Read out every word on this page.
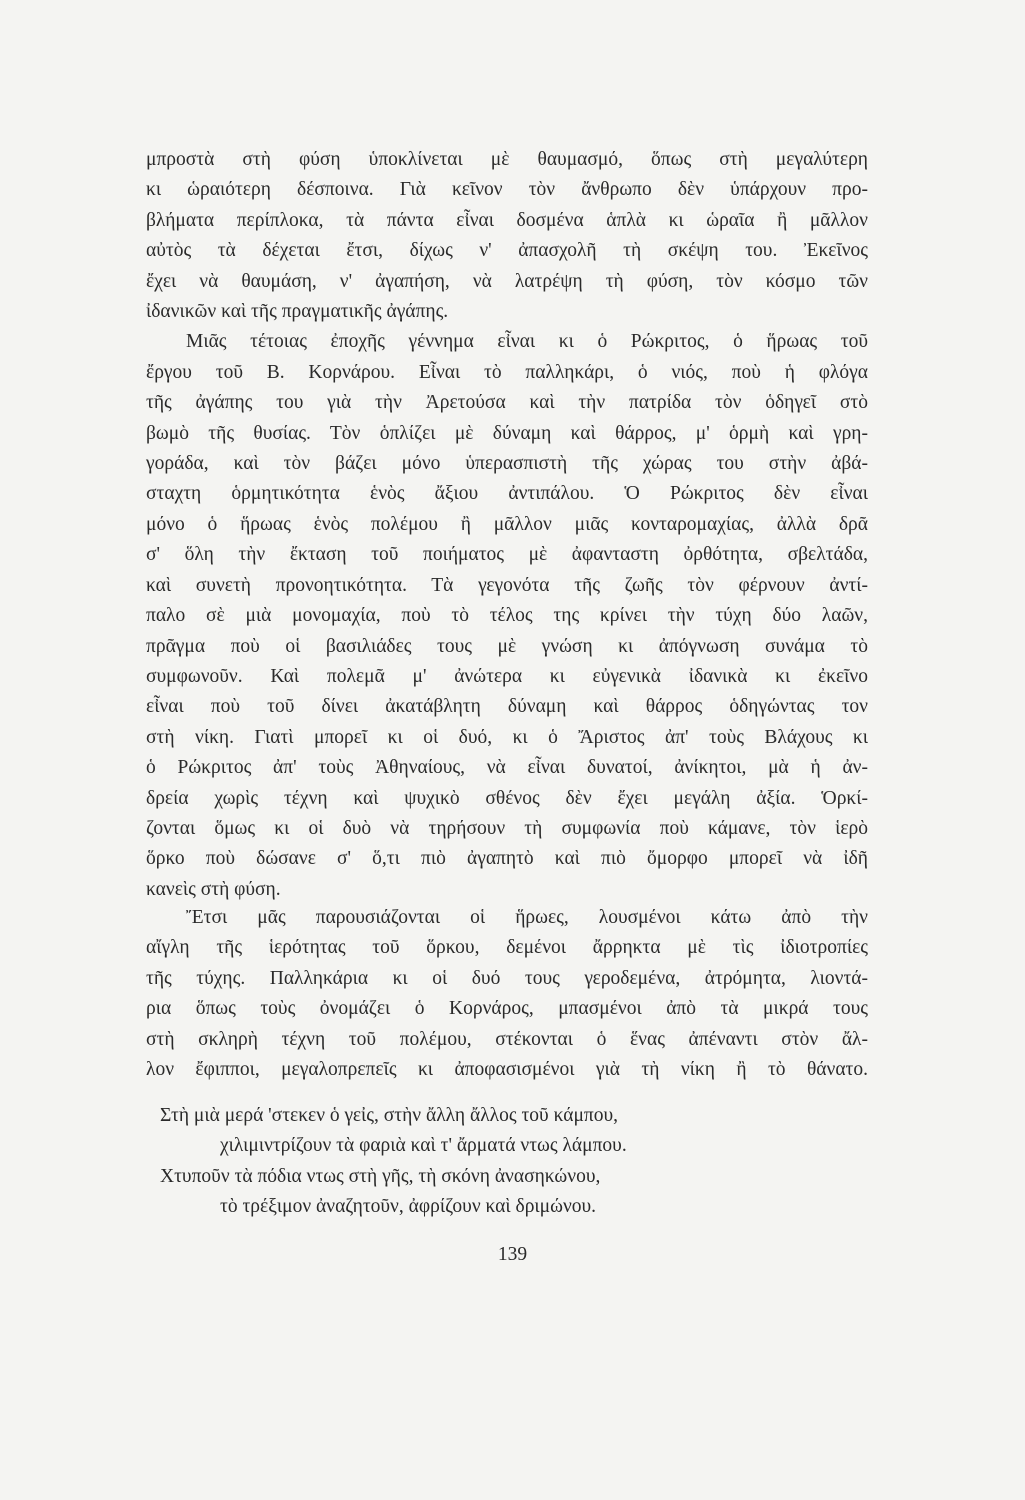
μπροστὰ στὴ φύση ὑποκλίνεται μὲ θαυμασμό, ὅπως στὴ μεγαλύτερη
κι ὡραιότερη δέσποινα. Γιὰ κεῖνον τὸν ἄνθρωπο δὲν ὑπάρχουν προ-
βλήματα περίπλοκα, τὰ πάντα εἶναι δοσμένα ἁπλὰ κι ὡραῖα ἢ μᾶλλον
αὐτὸς τὰ δέχεται ἔτσι, δίχως ν' ἀπασχολῆ τὴ σκέψη του. Ἐκεῖνος
ἔχει νὰ θαυμάση, ν' ἀγαπήση, νὰ λατρέψη τὴ φύση, τὸν κόσμο τῶν
ἰδανικῶν καὶ τῆς πραγματικῆς ἀγάπης.
Μιᾶς τέτοιας ἐποχῆς γέννημα εἶναι κι ὁ Ρώκριτος, ὁ ἥρωας τοῦ
ἔργου τοῦ Β. Κορνάρου. Εἶναι τὸ παλληκάρι, ὁ νιός, ποὺ ἡ φλόγα
τῆς ἀγάπης του γιὰ τὴν Ἀρετούσα καὶ τὴν πατρίδα τὸν ὁδηγεῖ στὸ
βωμὸ τῆς θυσίας. Τὸν ὁπλίζει μὲ δύναμη καὶ θάρρος, μ' ὁρμὴ καὶ γρη-
γοράδα, καὶ τὸν βάζει μόνο ὑπερασπιστὴ τῆς χώρας του στὴν ἀβά-
σταχτη ὁρμητικότητα ἑνὸς ἄξιου ἀντιπάλου. Ὁ Ρώκριτος δὲν εἶναι
μόνο ὁ ἥρωας ἑνὸς πολέμου ἢ μᾶλλον μιᾶς κονταρομαχίας, ἀλλὰ δρᾶ
σ' ὅλη τὴν ἔκταση τοῦ ποιήματος μὲ ἀφανταστη ὀρθότητα, σβελτάδα,
καὶ συνετὴ προνοητικότητα. Τὰ γεγονότα τῆς ζωῆς τὸν φέρνουν ἀντί-
παλο σὲ μιὰ μονομαχία, ποὺ τὸ τέλος της κρίνει τὴν τύχη δύο λαῶν,
πρᾶγμα ποὺ οἱ βασιλιάδες τους μὲ γνώση κι ἀπόγνωση συνάμα τὸ
συμφωνοῦν. Καὶ πολεμᾶ μ' ἀνώτερα κι εὐγενικὰ ἰδανικὰ κι ἐκεῖνο
εἶναι ποὺ τοῦ δίνει ἀκατάβλητη δύναμη καὶ θάρρος ὁδηγώντας τον
στὴ νίκη. Γιατὶ μπορεῖ κι οἱ δυό, κι ὁ Ἄριστος ἀπ' τοὺς Βλάχους κι
ὁ Ρώκριτος ἀπ' τοὺς Ἀθηναίους, νὰ εἶναι δυνατοί, ἀνίκητοι, μὰ ἡ ἀν-
δρεία χωρὶς τέχνη καὶ ψυχικὸ σθένος δὲν ἔχει μεγάλη ἀξία. Ὁρκί-
ζονται ὅμως κι οἱ δυὸ νὰ τηρήσουν τὴ συμφωνία ποὺ κάμανε, τὸν ἱερὸ
ὅρκο ποὺ δώσανε σ' ὅ,τι πιὸ ἀγαπητὸ καὶ πιὸ ὄμορφο μπορεῖ νὰ ἰδῆ
κανεὶς στὴ φύση.
Ἔτσι μᾶς παρουσιάζονται οἱ ἥρωες, λουσμένοι κάτω ἀπὸ τὴν
αἴγλη τῆς ἱερότητας τοῦ ὅρκου, δεμένοι ἄρρηκτα μὲ τὶς ἰδιοτροπίες
τῆς τύχης. Παλληκάρια κι οἱ δυό τους γεροδεμένα, ἀτρόμητα, λιοντά-
ρια ὅπως τοὺς ὀνομάζει ὁ Κορνάρος, μπασμένοι ἀπὸ τὰ μικρά τους
στὴ σκληρὴ τέχνη τοῦ πολέμου, στέκονται ὁ ἕνας ἀπέναντι στὸν ἄλ-
λον ἔφιπποι, μεγαλοπρεπεῖς κι ἀποφασισμένοι γιὰ τὴ νίκη ἢ τὸ θάνατο.
Στὴ μιὰ μερά 'στεκεν ὁ γεἰς, στὴν ἄλλη ἄλλος τοῦ κάμπου,
χιλιμιντρίζουν τὰ φαριὰ καὶ τ' ἄρματά ντως λάμπου.
Χτυποῦν τὰ πόδια ντως στὴ γῆς, τὴ σκόνη ἀνασηκώνου,
τὸ τρέξιμον ἀναζητοῦν, ἀφρίζουν καὶ δριμώνου.
139
